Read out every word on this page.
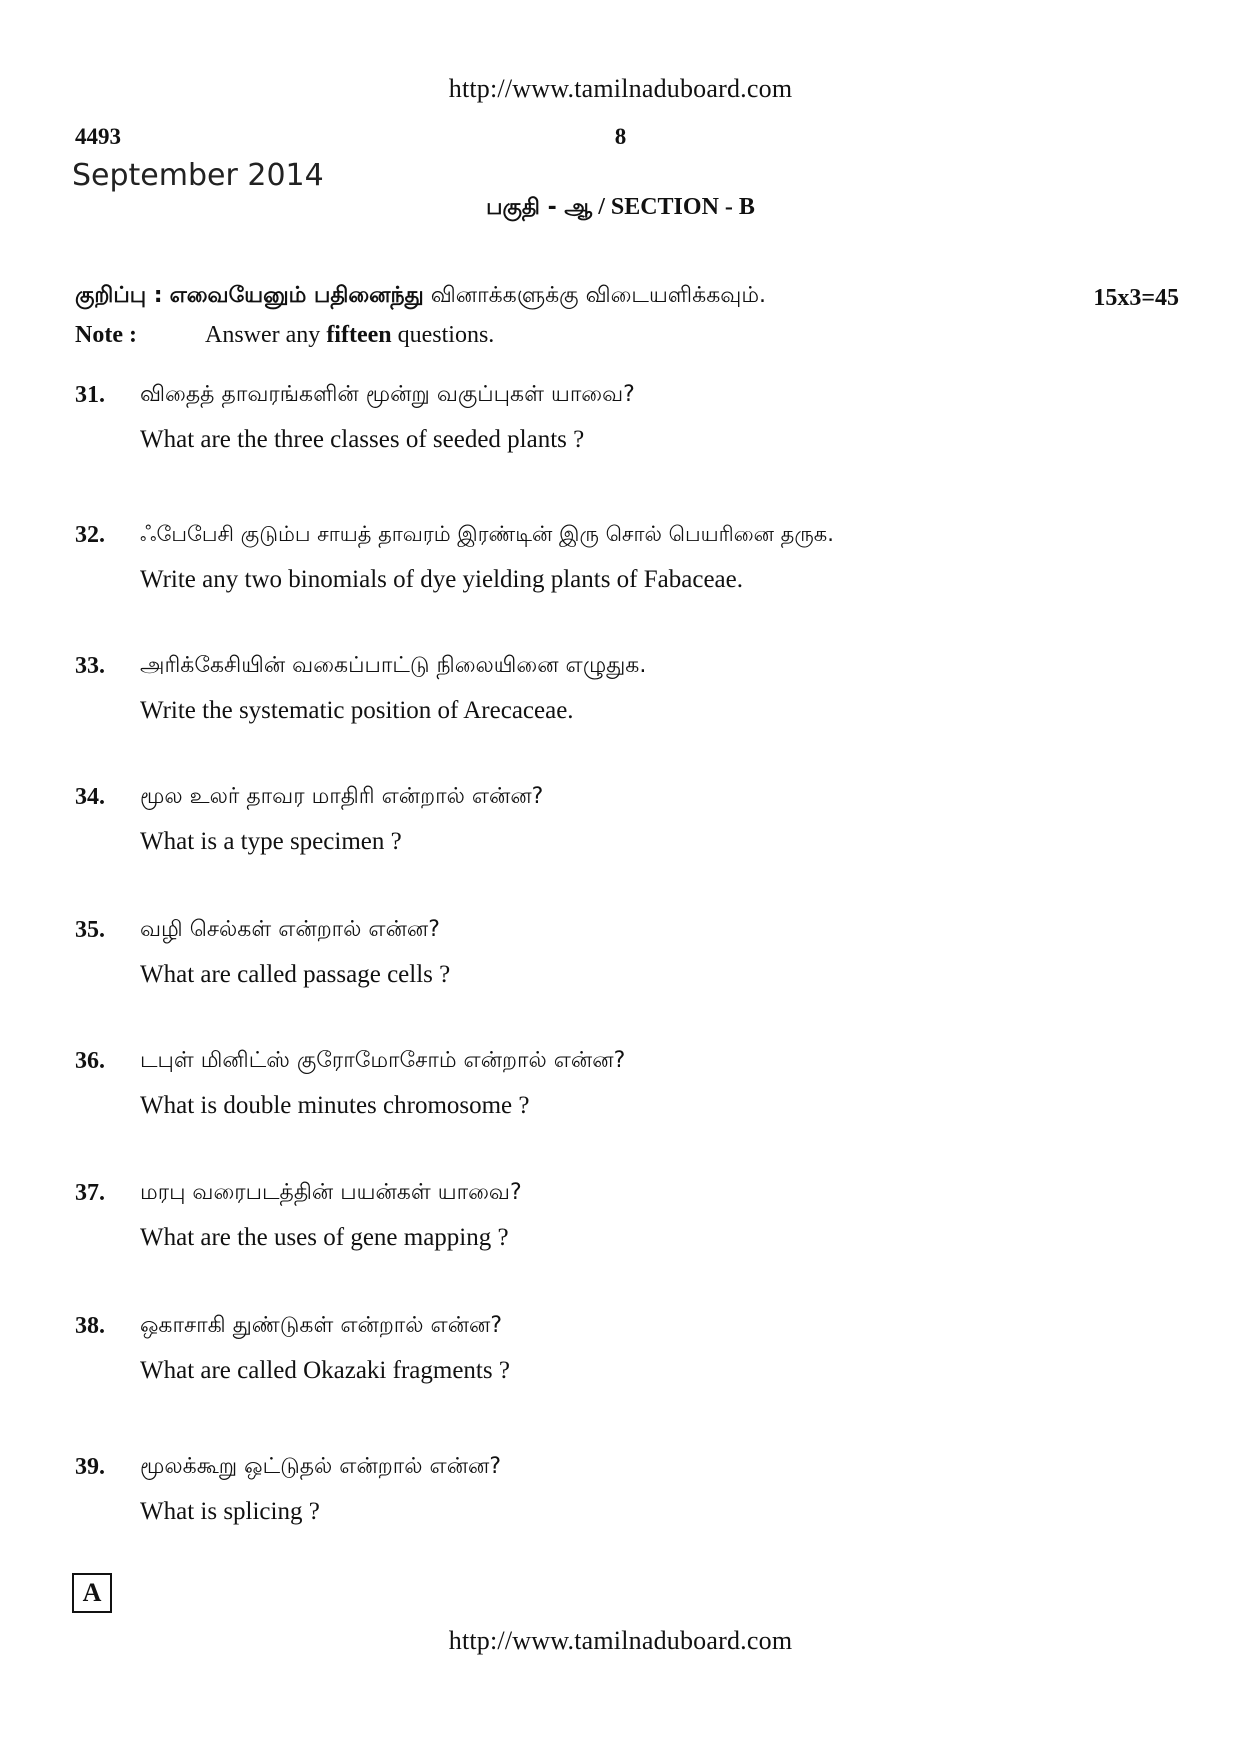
http://www.tamilnaduboard.com
4493	8
September 2014
பகுதி - ஆ / SECTION - B
குறிப்பு : எவையேனும் பதினைந்து வினாக்களுக்கு விடையளிக்கவும்.	15x3=45
Note :	Answer any fifteen questions.
31. விதைத் தாவரங்களின் மூன்று வகுப்புகள் யாவை?
What are the three classes of seeded plants ?
32. ஃபேபேசி குடும்ப சாயத் தாவரம் இரண்டின் இரு சொல் பெயரினை தருக.
Write any two binomials of dye yielding plants of Fabaceae.
33. அரிக்கேசியின் வகைப்பாட்டு நிலையினை எழுதுக.
Write the systematic position of Arecaceae.
34. மூல உலர் தாவர மாதிரி என்றால் என்ன?
What is a type specimen ?
35. வழி செல்கள் என்றால் என்ன?
What are called passage cells ?
36. டபுள் மினிட்ஸ் குரோமோசோம் என்றால் என்ன?
What is double minutes chromosome ?
37. மரபு வரைபடத்தின் பயன்கள் யாவை?
What are the uses of gene mapping ?
38. ஒகாசாகி துண்டுகள் என்றால் என்ன?
What are called Okazaki fragments ?
39. மூலக்கூறு ஒட்டுதல் என்றால் என்ன?
What is splicing ?
A
http://www.tamilnaduboard.com
